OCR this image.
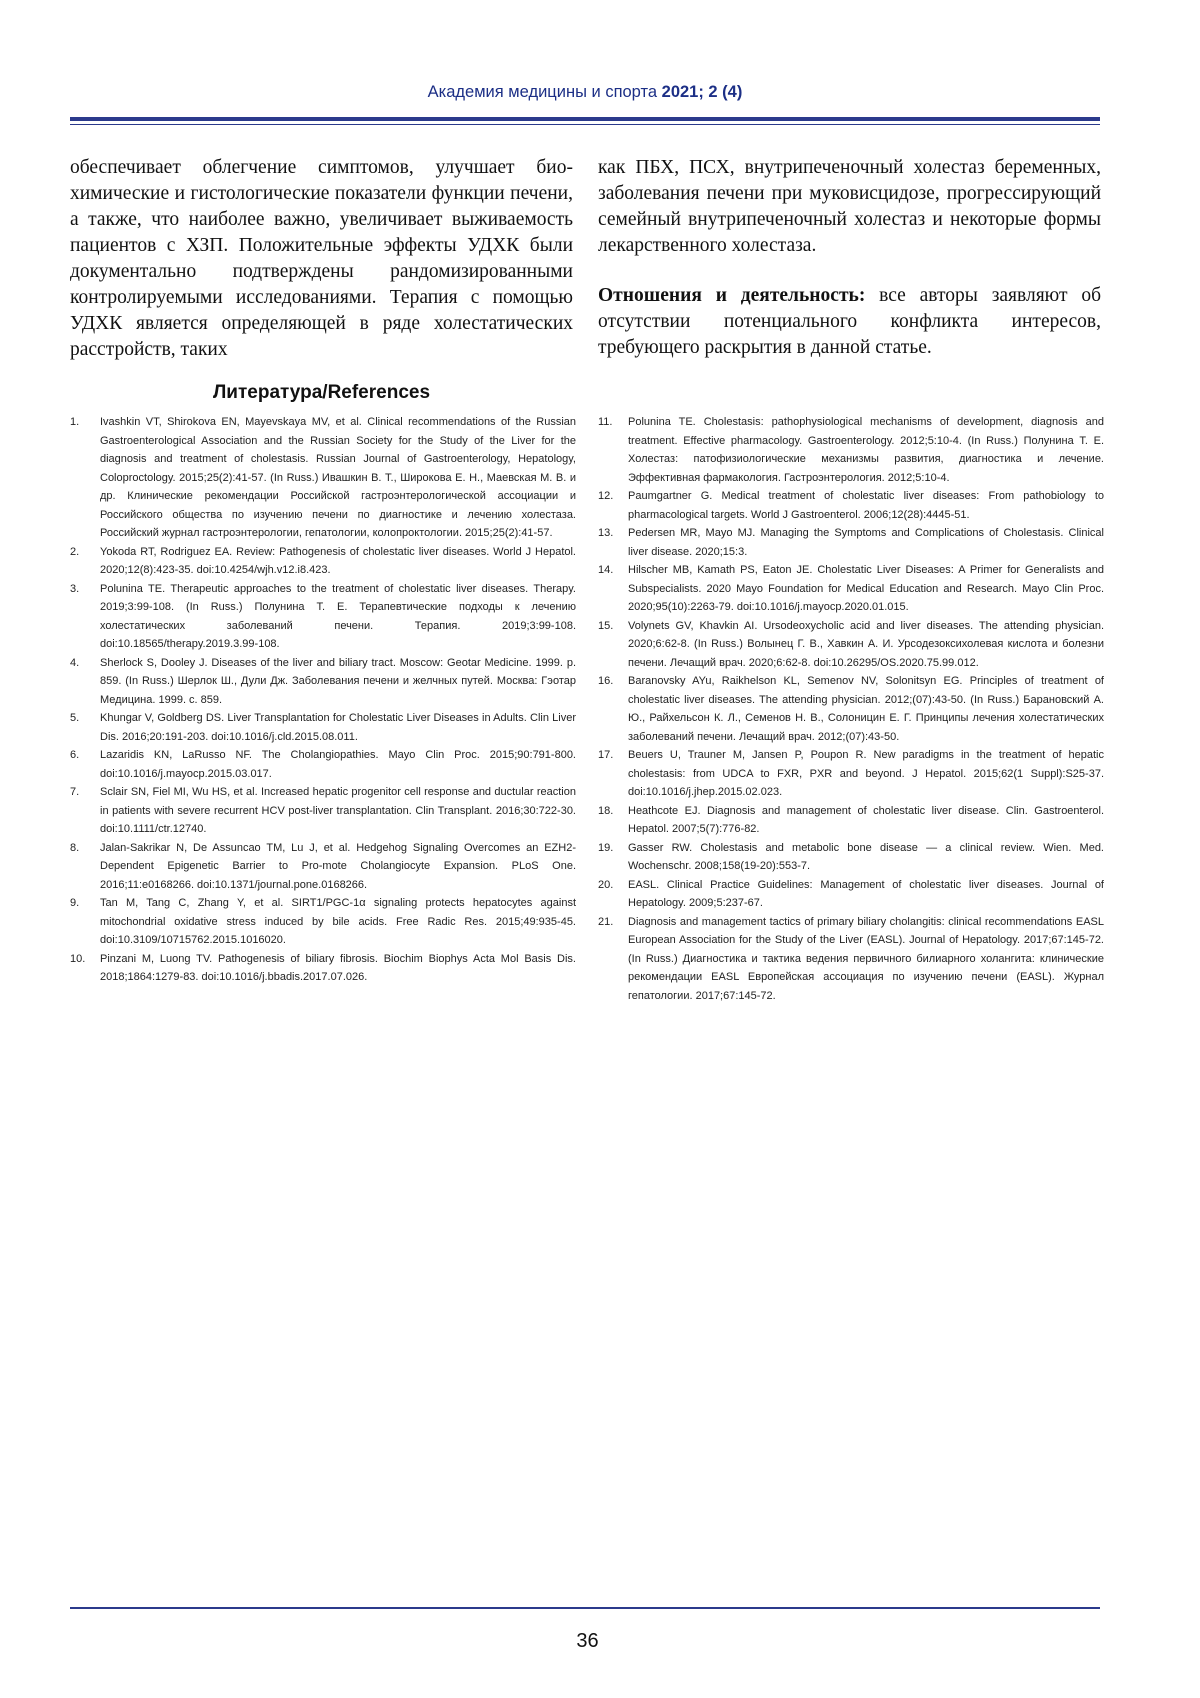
Академия медицины и спорта 2021; 2 (4)

обеспечивает облегчение симптомов, улучшает био­химические и гистологические показатели функции печени, а также, что наиболее важно, увеличивает выживаемость пациентов с ХЗП. Положительные эффекты УДХК были документально подтверждены рандомизированными контролируемыми исследова­ниями. Терапия с помощью УДХК является опреде­ляющей в ряде холестатических расстройств, таких

как ПБХ, ПСХ, внутрипеченочный холестаз бере­менных, заболевания печени при муковисцидозе, прогрессирующий семейный внутрипеченочный хо­лестаз и некоторые формы лекарственного холестаза.

Отношения и деятельность: все авторы заявляют об отсутствии потенциального конфликта интересов, требующего раскрытия в данной статье.

Литература/References
1.	Ivashkin VT, Shirokova EN, Mayevskaya MV, et al. Clinical recommendations of the Russian Gastroenterological Association and the Russian Society for the Study of the Liver for the diagnosis and treatment of cholestasis. Russian Journal of Gastroenterology, Hepatology, Coloproctology. 2015;25(2):41-57. (In Russ.) Ивашкин В. Т., Широкова Е. Н., Маевская М. В. и др. Клинические рекомендации Российской гастроэнтерологи­ческой ассоциации и Российского общества по изучению печени по диагностике и лечению холестаза. Российский журнал гастроэнтерологии, гепатологии, коло­проктологии. 2015;25(2):41-57.
2.	Yokoda RT, Rodriguez EA. Review: Pathogenesis of cholestatic liver diseases. World J Hepatol. 2020;12(8):423-35. doi:10.4254/wjh.v12.i8.423.
3.	Polunina TE. Therapeutic approaches to the treatment of cholestatic liver diseases. Therapy. 2019;3:99-108. (In Russ.) Полунина Т. Е. Терапевтические подходы к лече­нию холестатических заболеваний печени. Терапия. 2019;3:99-108. doi:10.18565/therapy.2019.3.99-108.
4.	Sherlock S, Dooley J. Diseases of the liver and biliary tract. Moscow: Geotar Medicine. 1999. p. 859. (In Russ.) Шерлок Ш., Дули Дж. Заболевания печени и желчных путей. Москва: Гэотар Медицина. 1999. с. 859.
5.	Khungar V, Goldberg DS. Liver Transplantation for Cholestatic Liver Diseases in Adults. Clin Liver Dis. 2016;20:191-203. doi:10.1016/j.cld.2015.08.011.
6.	Lazaridis KN, LaRusso NF. The Cholangiopathies. Mayo Clin Proc. 2015;90:791-800. doi:10.1016/j.mayocp.2015.03.017.
7.	Sclair SN, Fiel MI, Wu HS, et al. Increased hepatic progenitor cell response and ductular reaction in patients with severe recurrent HCV post-liver transplantation. Clin Transplant. 2016;30:722-30. doi:10.1111/ctr.12740.
8.	Jalan-Sakrikar N, De Assuncao TM, Lu J, et al. Hedgehog Signaling Overcomes an EZH2-Dependent Epigenetic Barrier to Pro-mote Cholangiocyte Expansion. PLoS One. 2016;11:e0168266. doi:10.1371/journal.pone.0168266.
9.	Tan M, Tang C, Zhang Y, et al. SIRT1/PGC-1α signaling protects hepatocytes against mitochondrial oxidative stress induced by bile acids. Free Radic Res. 2015;49:935-45. doi:10.3109/10715762.2015.1016020.
10.	Pinzani M, Luong TV. Pathogenesis of biliary fibrosis. Biochim Biophys Acta Mol Basis Dis. 2018;1864:1279-83. doi:10.1016/j.bbadis.2017.07.026.
11.	Polunina TE. Cholestasis: pathophysiological mechanisms of development, diagnosis and treatment. Effective pharmacology. Gastroenterology. 2012;5:10-4. (In Russ.) Полунина Т. Е. Холестаз: патофизиологические механизмы развития, диагностика и лечение. Эффективная фармакология. Гастроэнтерология. 2012;5:10-4.
12.	Paumgartner G. Medical treatment of cholestatic liver diseases: From pathobiology to pharmacological targets. World J Gastroenterol. 2006;12(28):4445-51.
13.	Pedersen MR, Mayo MJ. Managing the Symptoms and Complications of Cholestasis. Clinical liver disease. 2020;15:3.
14.	Hilscher MB, Kamath PS, Eaton JE. Cholestatic Liver Diseases: A Primer for Generalists and Subspecialists. 2020 Mayo Foundation for Medical Education and Research. Mayo Clin Proc. 2020;95(10):2263-79. doi:10.1016/j.mayocp.2020.01.015.
15.	Volynets GV, Khavkin AI. Ursodeoxycholic acid and liver diseases. The attending physician. 2020;6:62-8. (In Russ.) Волынец Г. В., Хавкин А. И. Урсодезоксихолевая кислота и болезни печени. Лечащий врач. 2020;6:62-8. doi:10.26295/OS.2020.75.99.012.
16.	Baranovsky AYu, Raikhelson KL, Semenov NV, Solonitsyn EG. Principles of treatment of cholestatic liver diseases. The attending physician. 2012;(07):43-50. (In Russ.) Барановский А. Ю., Райхельсон К. Л., Семенов Н. В., Солоницин Е. Г. Принципы лече­ния холестатических заболеваний печени. Лечащий врач. 2012;(07):43-50.
17.	Beuers U, Trauner M, Jansen P, Poupon R. New paradigms in the treatment of hepatic cholestasis: from UDCA to FXR, PXR and beyond. J Hepatol. 2015;62(1 Suppl):S25-37. doi:10.1016/j.jhep.2015.02.023.
18.	Heathcote EJ. Diagnosis and management of cholestatic liver disease. Clin. Gastroenterol. Hepatol. 2007;5(7):776-82.
19.	Gasser RW. Cholestasis and metabolic bone disease — a clinical review. Wien. Med. Wochenschr. 2008;158(19-20):553-7.
20.	EASL. Clinical Practice Guidelines: Management of cholestatic liver diseases. Journal of Hepatology. 2009;5:237-67.
21.	Diagnosis and management tactics of primary biliary cholangitis: clinical recommendations EASL European Association for the Study of the Liver (EASL). Journal of Hepatology. 2017;67:145-72. (In Russ.) Диагностика и тактика ведения первичного билиарного холангита: клинические рекомендации EASL Европейская ассоциация по изучению печени (EASL). Журнал гепатологии. 2017;67:145-72.
36
